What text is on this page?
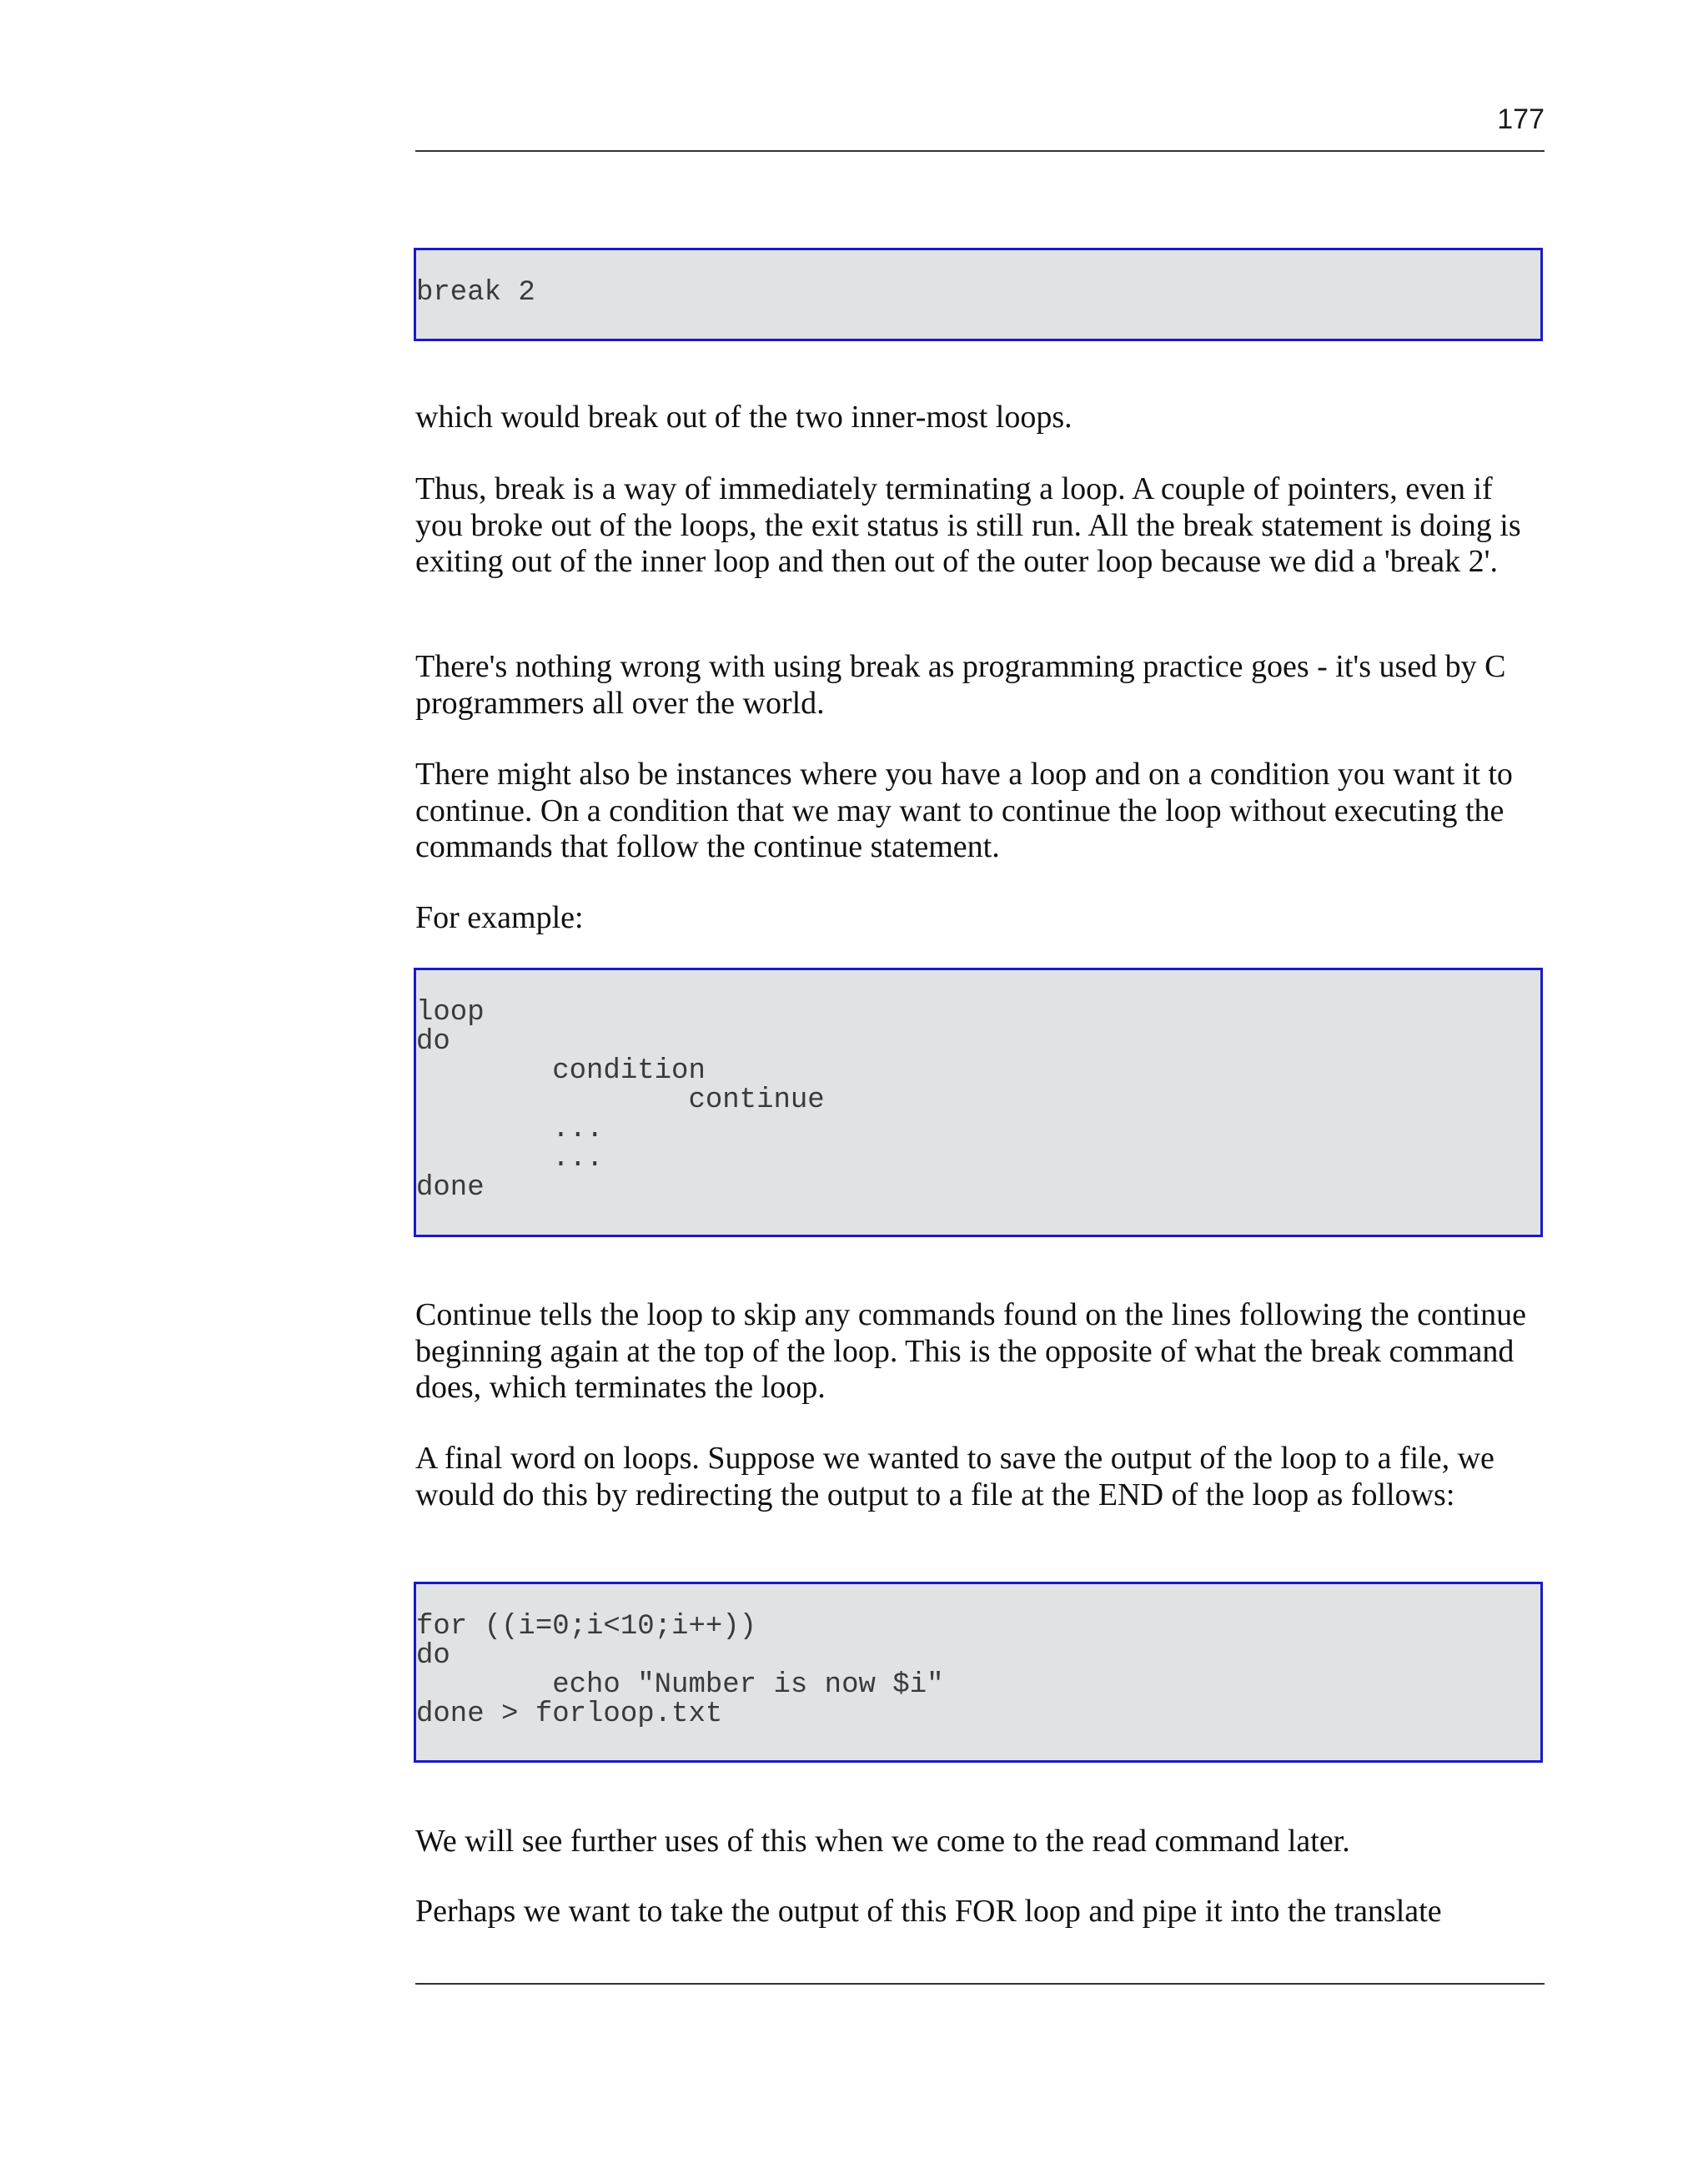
177
break 2

which would break out of the two inner-most loops.

Thus, break is a way of immediately terminating a loop. A couple of pointers, even if you broke out of the loops, the exit status is still run. All the break statement is doing is exiting out of the inner loop and then out of the outer loop because we did a 'break 2'.

There's nothing wrong with using break as programming practice goes - it's used by C programmers all over the world.

There might also be instances where you have a loop and on a condition you want it to continue. On a condition that we may want to continue the loop without executing the commands that follow the continue statement.

For example:

loop
do
condition
continue
...
...
done

Continue tells the loop to skip any commands found on the lines following the continue beginning again at the top of the loop. This is the opposite of what the break command does, which terminates the loop.

A final word on loops. Suppose we wanted to save the output of the loop to a file, we would do this by redirecting the output to a file at the END of the loop as follows:

for ((i=0;i<10;i++))
do
echo "Number is now $i"
done > forloop.txt

We will see further uses of this when we come to the read command later.

Perhaps we want to take the output of this FOR loop and pipe it into the translate
